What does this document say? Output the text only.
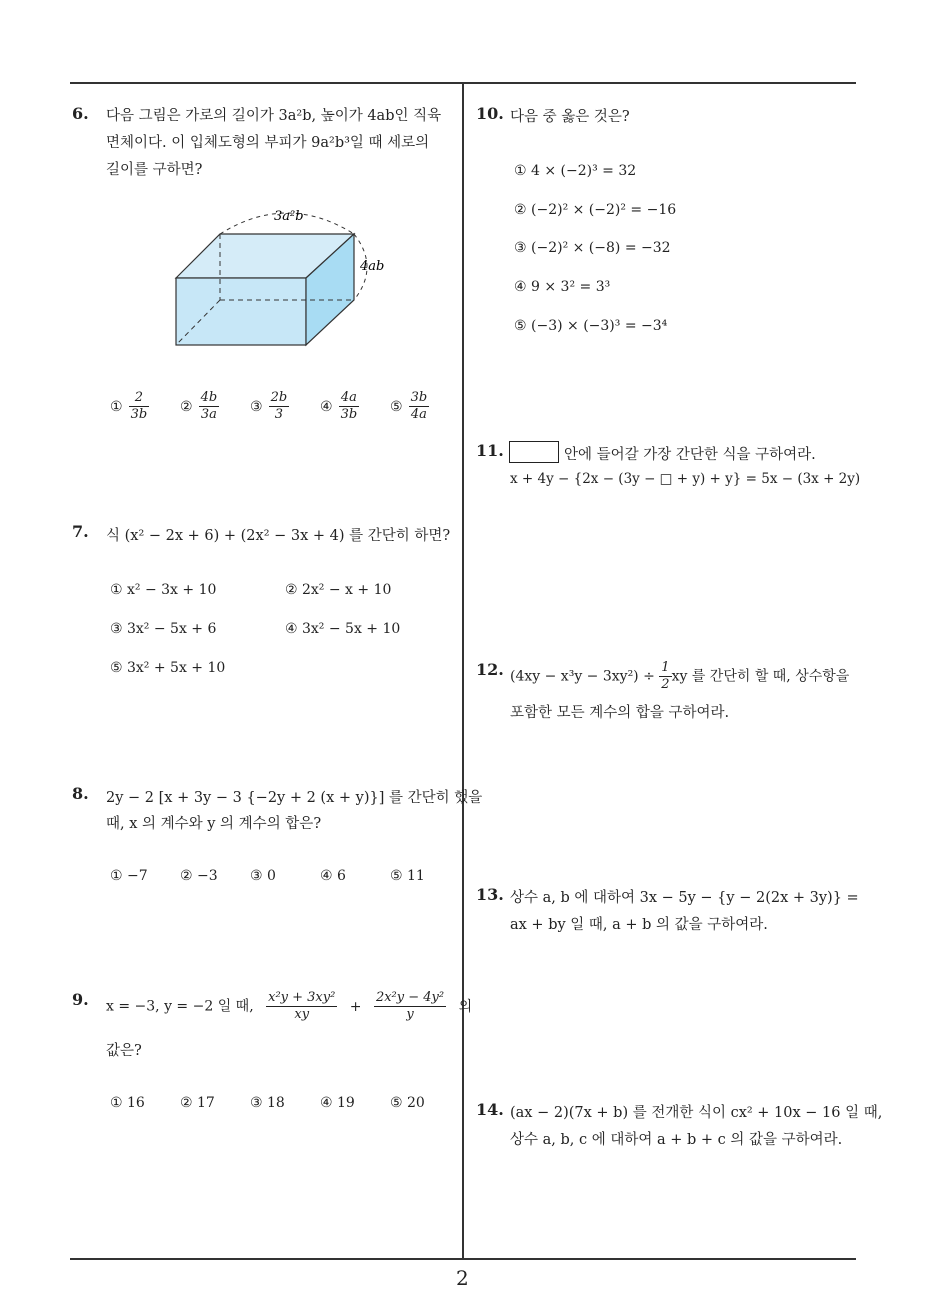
6. 다음 그림은 가로의 길이가 3a²b, 높이가 4ab인 직육
면체이다. 이 입체도형의 부피가 9a²b³일 때 세로의
길이를 구하면?
3a²b
4ab
① $\frac{2}{3b}$ ② $\frac{4b}{3a}$ ③ $\frac{2b}{3}$ ④ $\frac{4a}{3b}$ ⑤ $\frac{3b}{4a}$
7. 식 (x² − 2x + 6) + (2x² − 3x + 4) 를 간단히 하면?
① x² − 3x + 10	② 2x² − x + 10
③ 3x² − 5x + 6	④ 3x² − 5x + 10
⑤ 3x² + 5x + 10
8. 2y − 2 [x + 3y − 3 {−2y + 2 (x + y)}] 를 간단히 했을
때, x 의 계수와 y 의 계수의 합은?
① −7 ② −3 ③ 0	④ 6	⑤ 11
9. x = −3, y = −2 일 때, $\frac{\text{x²y + 3xy²}}{xy} + \frac{\text{2x²y − 4y²}}{y}$ 의
값은?
① 16	② 17	③ 18	④ 19	⑤ 20
10. 다음 중 옳은 것은?
① 4 × (−2)³ = 32
② (−2)² × (−2)² = −16
③ (−2)² × (−8) = −32
④ 9 × 3² = 3³
⑤ (−3) × (−3)³ = −3⁴
11.	안에 들어갈 가장 간단한 식을 구하여라.
x + 4y − {2x − (3y − □ + y) + y} = 5x − (3x + 2y)
12. $(4xy - x^3y - 3xy^2) \div \frac{1}{2}$ xy 를 간단히 할 때, 상수항을
포함한 모든 계수의 합을 구하여라.
13. 상수 a, b 에 대하여 3x − 5y − {y − 2(2x + 3y)} =
ax + by 일 때, a + b 의 값을 구하여라.
14. (ax − 2)(7x + b) 를 전개한 식이 cx² + 10x − 16 일 때,
상수 a, b, c 에 대하여 a + b + c 의 값을 구하여라.
2
